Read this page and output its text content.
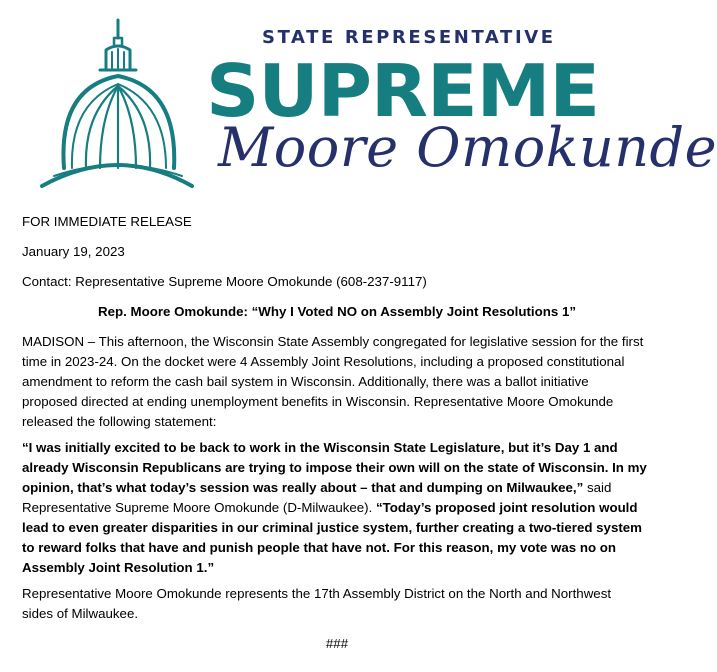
STATE REPRESENTATIVE
SUPREME
Moore Omokunde

FOR IMMEDIATE RELEASE

January 19, 2023

Contact: Representative Supreme Moore Omokunde (608-237-9117)

Rep. Moore Omokunde: “Why I Voted NO on Assembly Joint Resolutions 1”

MADISON – This afternoon, the Wisconsin State Assembly congregated for legislative session for the first time in 2023-24. On the docket were 4 Assembly Joint Resolutions, including a proposed constitutional amendment to reform the cash bail system in Wisconsin. Additionally, there was a ballot initiative proposed directed at ending unemployment benefits in Wisconsin. Representative Moore Omokunde released the following statement:

“I was initially excited to be back to work in the Wisconsin State Legislature, but it’s Day 1 and already Wisconsin Republicans are trying to impose their own will on the state of Wisconsin. In my opinion, that’s what today’s session was really about – that and dumping on Milwaukee,” said Representative Supreme Moore Omokunde (D-Milwaukee). “Today’s proposed joint resolution would lead to even greater disparities in our criminal justice system, further creating a two-tiered system to reward folks that have and punish people that have not. For this reason, my vote was no on Assembly Joint Resolution 1.”

Representative Moore Omokunde represents the 17th Assembly District on the North and Northwest sides of Milwaukee.

###
